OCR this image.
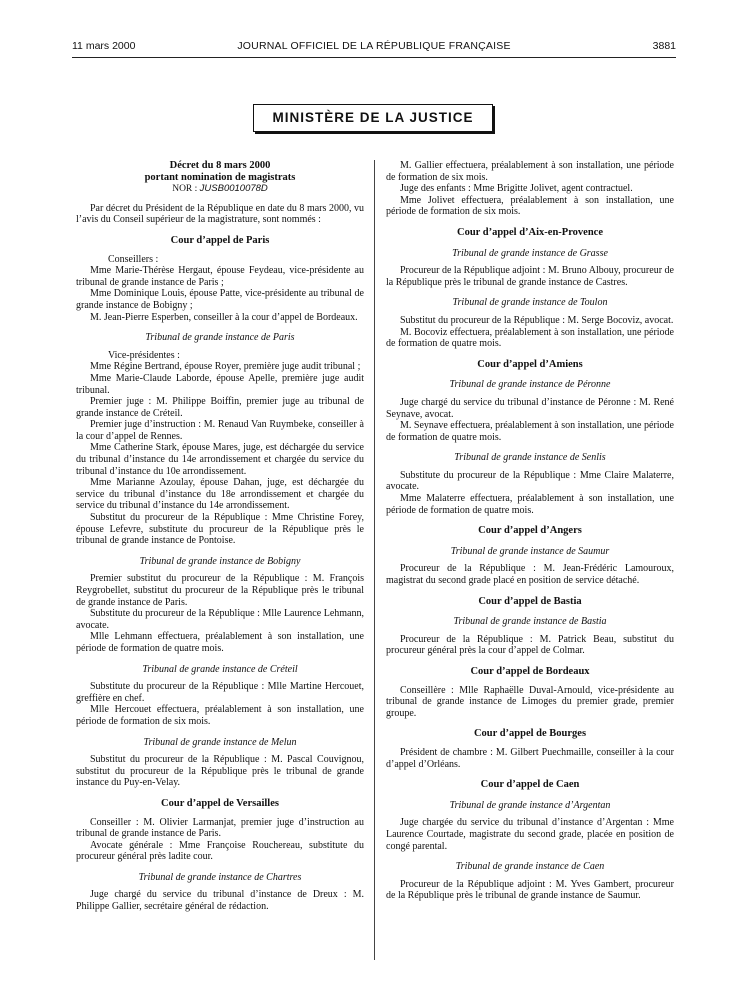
11 mars 2000	JOURNAL OFFICIEL DE LA RÉPUBLIQUE FRANÇAISE	3881
MINISTÈRE DE LA JUSTICE

Décret du 8 mars 2000

portant nomination de magistrats

NOR : JUSB0010078D

Par décret du Président de la République en date du 8 mars 2000, vu l’avis du Conseil supérieur de la magistrature, sont nommés :

Cour d’appel de Paris

Conseillers :

Mme Marie-Thérèse Hergaut, épouse Feydeau, vice-présidente au tribunal de grande instance de Paris ;

Mme Dominique Louis, épouse Patte, vice-présidente au tribunal de grande instance de Bobigny ;

M. Jean-Pierre Esperben, conseiller à la cour d’appel de Bordeaux.

Tribunal de grande instance de Paris

Vice-présidentes :

Mme Régine Bertrand, épouse Royer, première juge audit tribunal ;

Mme Marie-Claude Laborde, épouse Apelle, première juge audit tribunal.

Premier juge : M. Philippe Boiffin, premier juge au tribunal de grande instance de Créteil.

Premier juge d’instruction : M. Renaud Van Ruymbeke, conseiller à la cour d’appel de Rennes.

Mme Catherine Stark, épouse Mares, juge, est déchargée du service du tribunal d’instance du 14e arrondissement et chargée du service du tribunal d’instance du 10e arrondissement.

Mme Marianne Azoulay, épouse Dahan, juge, est déchargée du service du tribunal d’instance du 18e arrondissement et chargée du service du tribunal d’instance du 14e arrondissement.

Substitut du procureur de la République : Mme Christine Forey, épouse Lefevre, substitute du procureur de la République près le tribunal de grande instance de Pontoise.

Tribunal de grande instance de Bobigny

Premier substitut du procureur de la République : M. François Reygrobellet, substitut du procureur de la République près le tribunal de grande instance de Paris.

Substitute du procureur de la République : Mlle Laurence Lehmann, avocate.

Mlle Lehmann effectuera, préalablement à son installation, une période de formation de quatre mois.

Tribunal de grande instance de Créteil

Substitute du procureur de la République : Mlle Martine Hercouet, greffière en chef.

Mlle Hercouet effectuera, préalablement à son installation, une période de formation de six mois.

Tribunal de grande instance de Melun

Substitut du procureur de la République : M. Pascal Couvignou, substitut du procureur de la République près le tribunal de grande instance du Puy-en-Velay.

Cour d’appel de Versailles

Conseiller : M. Olivier Larmanjat, premier juge d’instruction au tribunal de grande instance de Paris.

Avocate générale : Mme Françoise Rouchereau, substitute du procureur général près ladite cour.

Tribunal de grande instance de Chartres

Juge chargé du service du tribunal d’instance de Dreux : M. Philippe Gallier, secrétaire général de rédaction.

M. Gallier effectuera, préalablement à son installation, une période de formation de six mois.

Juge des enfants : Mme Brigitte Jolivet, agent contractuel.

Mme Jolivet effectuera, préalablement à son installation, une période de formation de six mois.

Cour d’appel d’Aix-en-Provence
Tribunal de grande instance de Grasse

Procureur de la République adjoint : M. Bruno Albouy, procureur de la République près le tribunal de grande instance de Castres.

Tribunal de grande instance de Toulon

Substitut du procureur de la République : M. Serge Bocoviz, avocat.

M. Bocoviz effectuera, préalablement à son installation, une période de formation de quatre mois.

Cour d’appel d’Amiens
Tribunal de grande instance de Péronne

Juge chargé du service du tribunal d’instance de Péronne : M. René Seynave, avocat.

M. Seynave effectuera, préalablement à son installation, une période de formation de quatre mois.

Tribunal de grande instance de Senlis

Substitute du procureur de la République : Mme Claire Malaterre, avocate.

Mme Malaterre effectuera, préalablement à son installation, une période de formation de quatre mois.

Cour d’appel d’Angers
Tribunal de grande instance de Saumur

Procureur de la République : M. Jean-Frédéric Lamouroux, magistrat du second grade placé en position de service détaché.

Cour d’appel de Bastia
Tribunal de grande instance de Bastia

Procureur de la République : M. Patrick Beau, substitut du procureur général près la cour d’appel de Colmar.

Cour d’appel de Bordeaux

Conseillère : Mlle Raphaëlle Duval-Arnould, vice-présidente au tribunal de grande instance de Limoges du premier grade, premier groupe.

Cour d’appel de Bourges

Président de chambre : M. Gilbert Puechmaille, conseiller à la cour d’appel d’Orléans.

Cour d’appel de Caen
Tribunal de grande instance d’Argentan

Juge chargée du service du tribunal d’instance d’Argentan : Mme Laurence Courtade, magistrate du second grade, placée en position de congé parental.

Tribunal de grande instance de Caen

Procureur de la République adjoint : M. Yves Gambert, procureur de la République près le tribunal de grande instance de Saumur.
